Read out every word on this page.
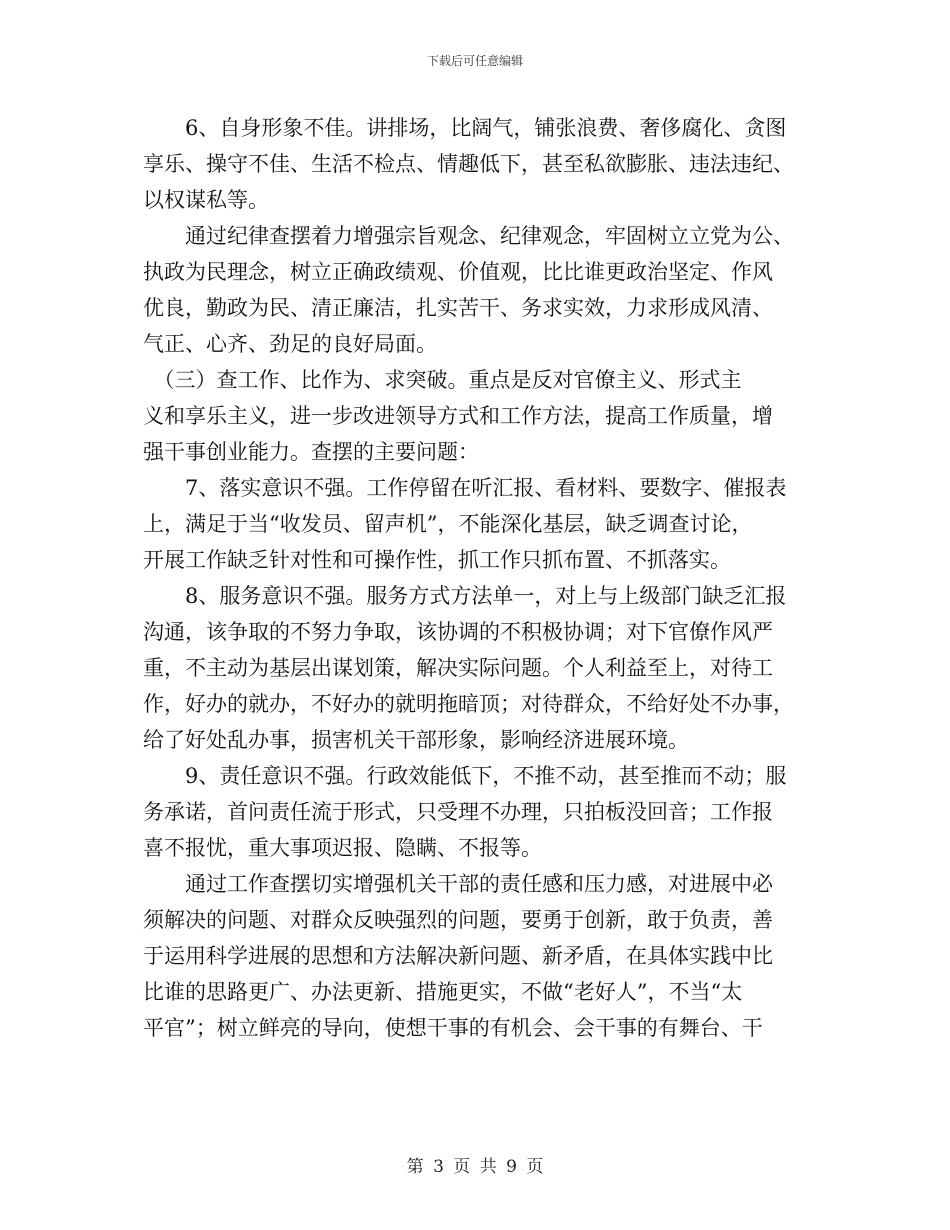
下载后可任意编辑
　　6、自身形象不佳。讲排场，比阔气，铺张浪费、奢侈腐化、贪图
享乐、操守不佳、生活不检点、情趣低下，甚至私欲膨胀、违法违纪、
以权谋私等。
　　通过纪律查摆着力增强宗旨观念、纪律观念，牢固树立立党为公、
执政为民理念，树立正确政绩观、价值观，比比谁更政治坚定、作风
优良，勤政为民、清正廉洁，扎实苦干、务求实效，力求形成风清、
气正、心齐、劲足的良好局面。
　（三）查工作、比作为、求突破。重点是反对官僚主义、形式主
义和享乐主义，进一步改进领导方式和工作方法，提高工作质量，增
强干事创业能力。查摆的主要问题：
　　7、落实意识不强。工作停留在听汇报、看材料、要数字、催报表
上，满足于当“收发员、留声机”，不能深化基层，缺乏调查讨论，
开展工作缺乏针对性和可操作性，抓工作只抓布置、不抓落实。
　　8、服务意识不强。服务方式方法单一，对上与上级部门缺乏汇报
沟通，该争取的不努力争取，该协调的不积极协调；对下官僚作风严
重，不主动为基层出谋划策，解决实际问题。个人利益至上，对待工
作，好办的就办，不好办的就明拖暗顶；对待群众，不给好处不办事，
给了好处乱办事，损害机关干部形象，影响经济进展环境。
　　9、责任意识不强。行政效能低下，不推不动，甚至推而不动；服
务承诺，首问责任流于形式，只受理不办理，只拍板没回音；工作报
喜不报忧，重大事项迟报、隐瞒、不报等。
　　通过工作查摆切实增强机关干部的责任感和压力感，对进展中必
须解决的问题、对群众反映强烈的问题，要勇于创新，敢于负责，善
于运用科学进展的思想和方法解决新问题、新矛盾，在具体实践中比
比谁的思路更广、办法更新、措施更实，不做“老好人”，不当“太
平官”；树立鲜亮的导向，使想干事的有机会、会干事的有舞台、干
第 3 页 共 9 页
